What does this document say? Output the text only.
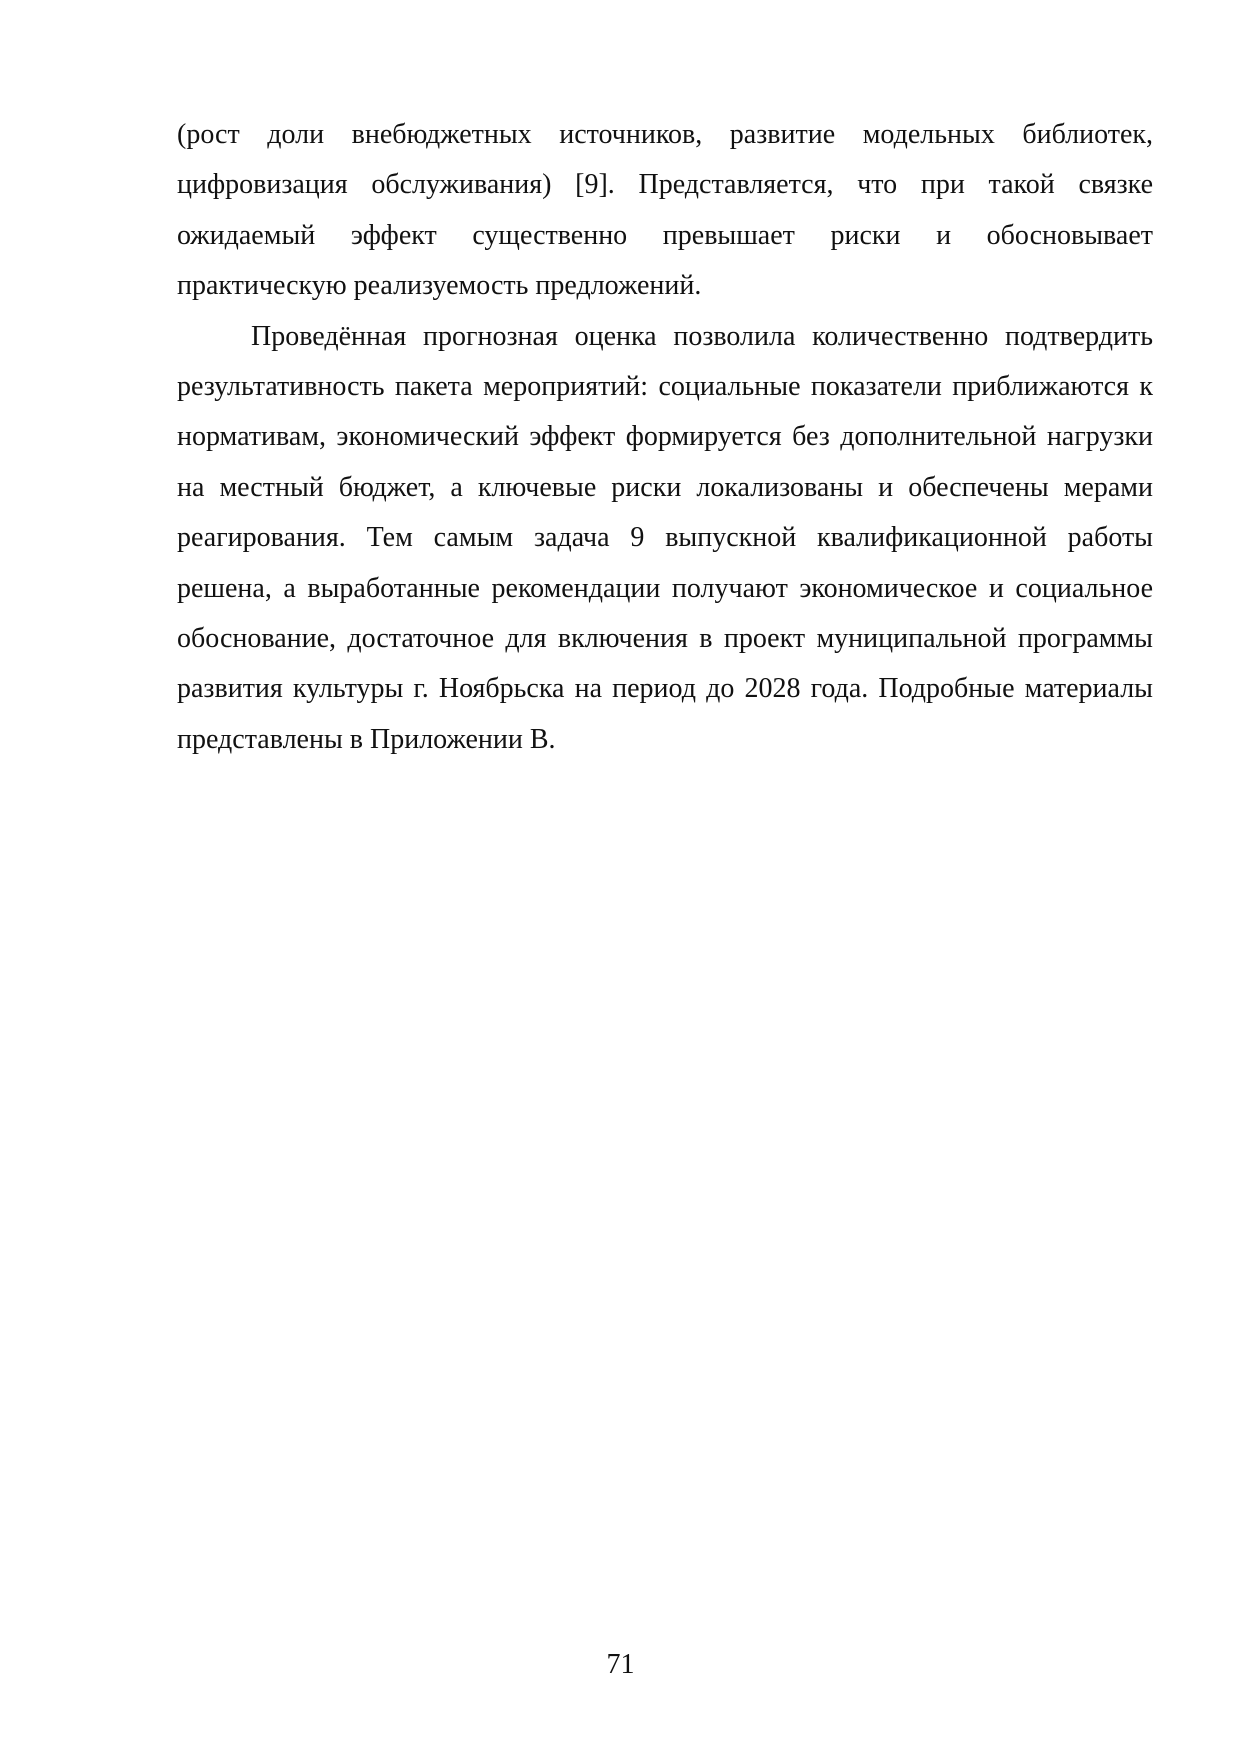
(рост доли внебюджетных источников, развитие модельных библиотек, цифровизация обслуживания) [9]. Представляется, что при такой связке ожидаемый эффект существенно превышает риски и обосновывает практическую реализуемость предложений.

Проведённая прогнозная оценка позволила количественно подтвердить результативность пакета мероприятий: социальные показатели приближаются к нормативам, экономический эффект формируется без дополнительной нагрузки на местный бюджет, а ключевые риски локализованы и обеспечены мерами реагирования. Тем самым задача 9 выпускной квалификационной работы решена, а выработанные рекомендации получают экономическое и социальное обоснование, достаточное для включения в проект муниципальной программы развития культуры г. Ноябрьска на период до 2028 года. Подробные материалы представлены в Приложении В.

71
